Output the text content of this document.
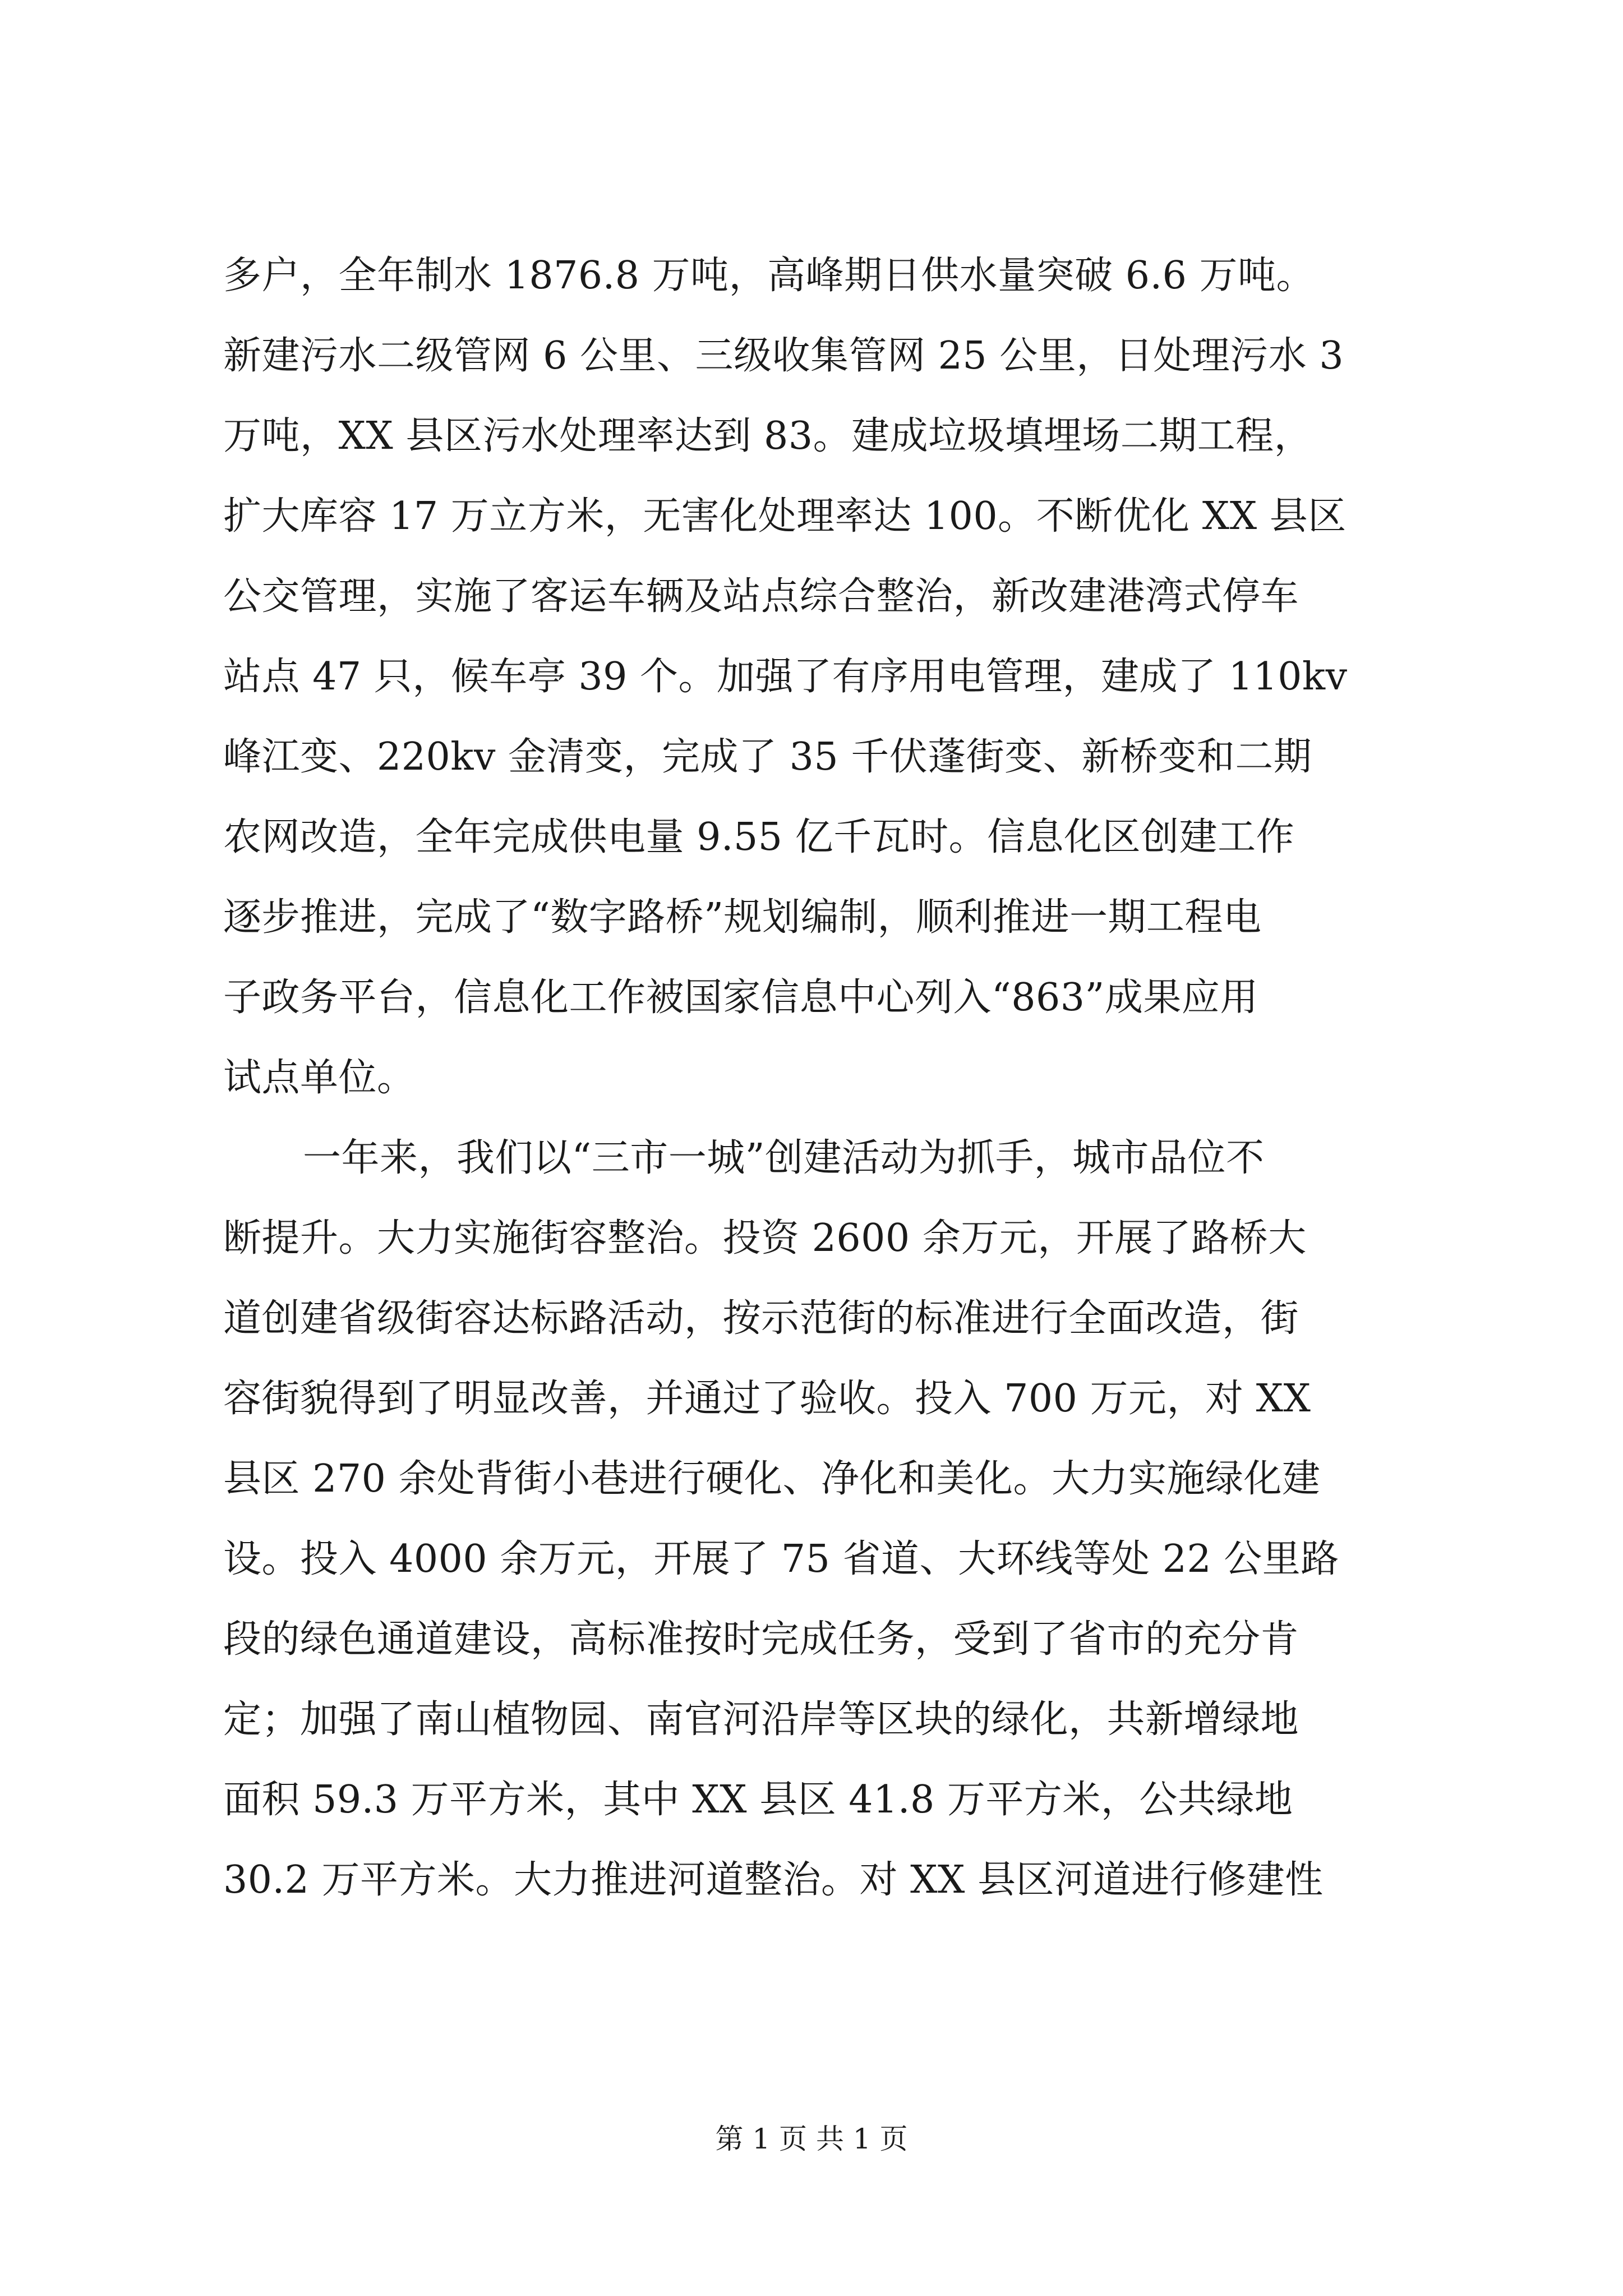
多户，全年制水 1876.8 万吨，高峰期日供水量突破 6.6 万吨。
新建污水二级管网 6 公里、三级收集管网 25 公里，日处理污水 3
万吨，XX 县区污水处理率达到 83。建成垃圾填埋场二期工程，
扩大库容 17 万立方米，无害化处理率达 100。不断优化 XX 县区
公交管理，实施了客运车辆及站点综合整治，新改建港湾式停车
站点 47 只，候车亭 39 个。加强了有序用电管理，建成了 110kv
峰江变、220kv 金清变，完成了 35 千伏蓬街变、新桥变和二期
农网改造，全年完成供电量 9.55 亿千瓦时。信息化区创建工作
逐步推进，完成了“数字路桥”规划编制，顺利推进一期工程电
子政务平台，信息化工作被国家信息中心列入“863”成果应用
试点单位。
一年来，我们以“三市一城”创建活动为抓手，城市品位不
断提升。大力实施街容整治。投资 2600 余万元，开展了路桥大
道创建省级街容达标路活动，按示范街的标准进行全面改造，街
容街貌得到了明显改善，并通过了验收。投入 700 万元，对 XX
县区 270 余处背街小巷进行硬化、净化和美化。大力实施绿化建
设。投入 4000 余万元，开展了 75 省道、大环线等处 22 公里路
段的绿色通道建设，高标准按时完成任务，受到了省市的充分肯
定；加强了南山植物园、南官河沿岸等区块的绿化，共新增绿地
面积 59.3 万平方米，其中 XX 县区 41.8 万平方米，公共绿地
30.2 万平方米。大力推进河道整治。对 XX 县区河道进行修建性
第 1 页 共 1 页
